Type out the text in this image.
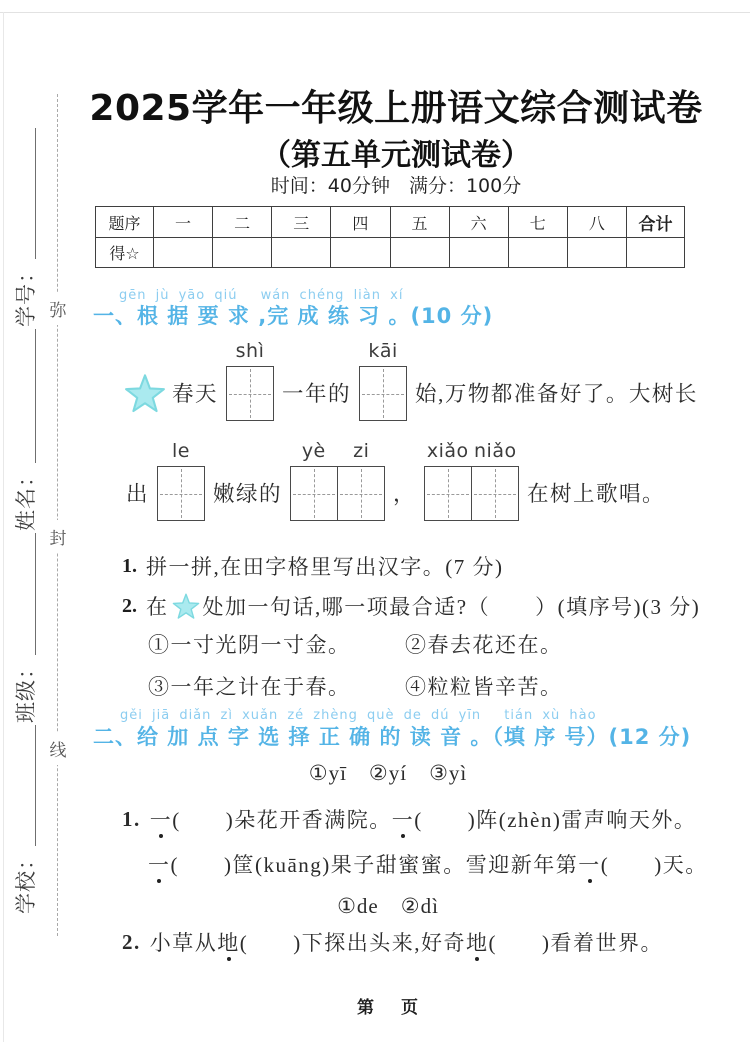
学校：
班级：
姓名：
学号： 弥
封
线
2025学年一年级上册语文综合测试卷
（第五单元测试卷）
时间：40分钟　满分：100分
题序	一	二	三	四	五	六	七	八	合计
得☆									
gēn jù yāo qiú　 wán chéng liàn xí
一、根 据 要 求 ,完 成 练 习 。(10 分)
春天
shì
一年的
kāi
始,万物都准备好了。大树长
出
le
嫩绿的
yè	zi
，
xiǎo niǎo
在树上歌唱。
1. 拼一拼,在田字格里写出汉字。(7 分)
2. 在 处加一句话,哪一项最合适?（　　）(填序号)(3 分)
①一寸光阴一寸金。	②春去花还在。
③一年之计在于春。	④粒粒皆辛苦。
gěi jiā diǎn zì xuǎn zé zhèng què de dú yīn　 tián xù hào
二、给 加 点 字 选 择 正 确 的 读 音 。（填 序 号）(12 分)
①yī　②yí　③yì
1. 一(　　)朵花开香满院。一(　　)阵(zhèn)雷声响天外。
一(　　)筐(kuāng)果子甜蜜蜜。雪迎新年第一(　　)天。
①de　②dì
2. 小草从地(　　)下探出头来,好奇地(　　)看着世界。
第　页
